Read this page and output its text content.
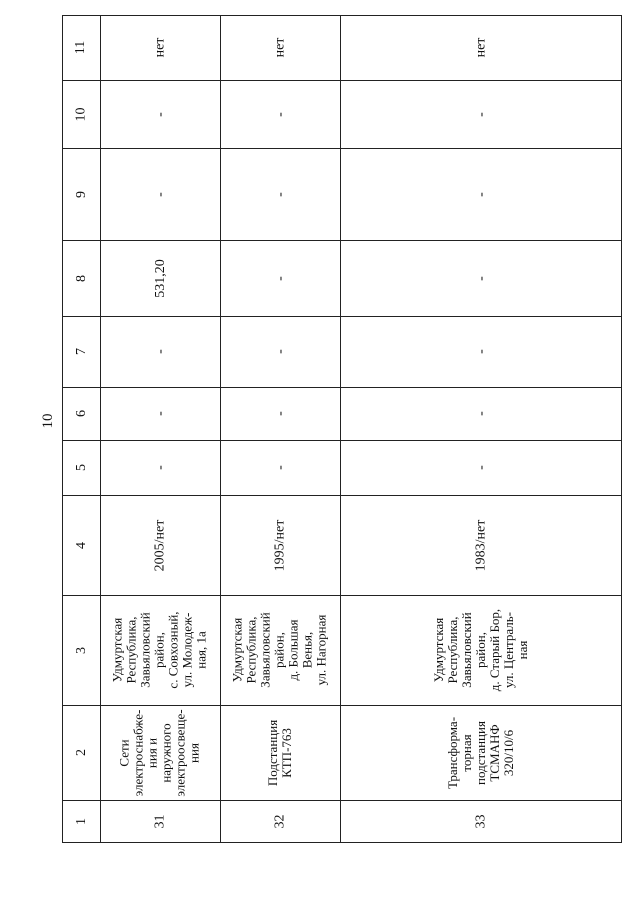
10
1
2
3
4
5
6
7
8
9
10
11
31
Сети электроснабже- ния и наружного электроосвеще- ния
Удмуртская Республика, Завьяловский район, с. Совхозный, ул. Молодеж- ная, 1а
2005/нет
-
-
-
531,20
-
-
нет
32
Подстанция КТП-763
Удмуртская Республика, Завьяловский район, д. Большая Венья, ул. Нагорная
1995/нет
-
-
-
-
-
-
нет
33
Трансформа- торная подстанция ТСМАНФ 320/10/6
Удмуртская Республика, Завьяловский район, д. Старый Бор, ул. Централь- ная
1983/нет
-
-
-
-
-
-
нет
